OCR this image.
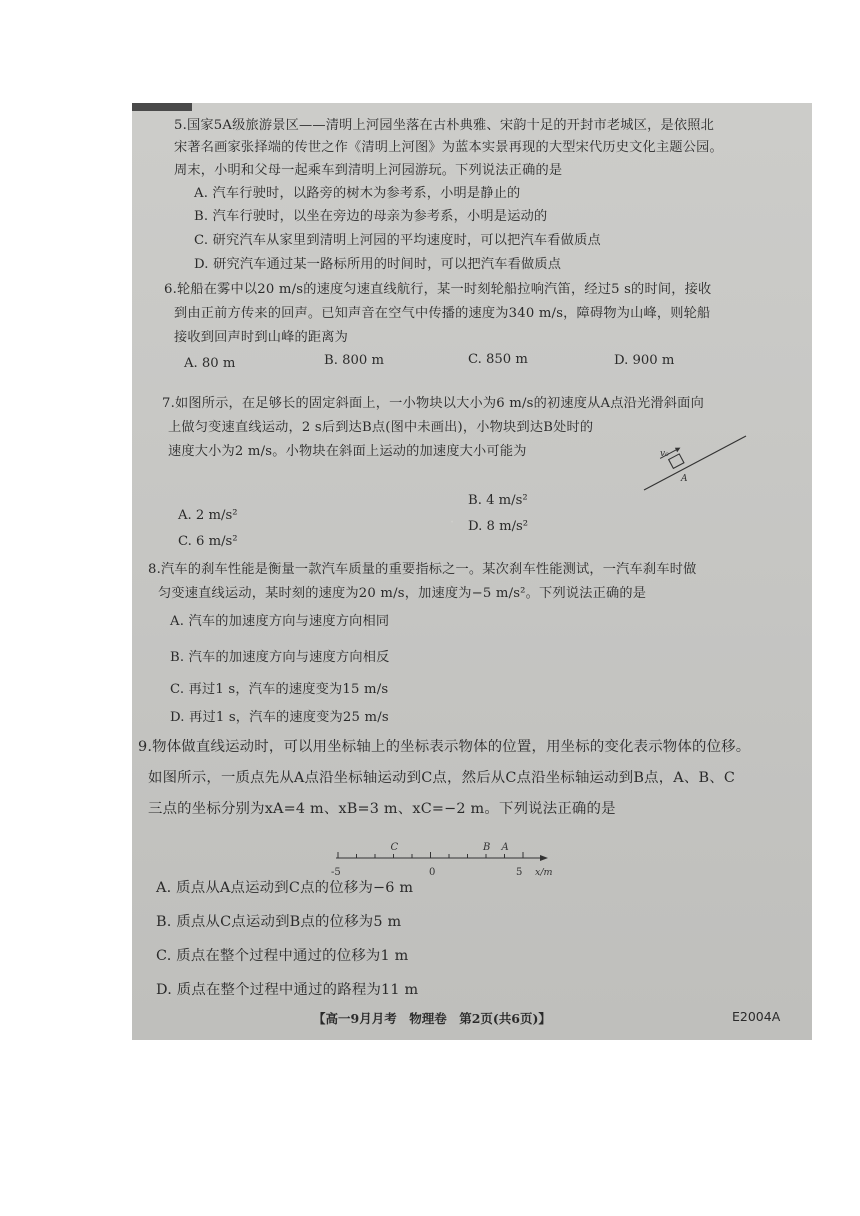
5.国家5A级旅游景区——清明上河园坐落在古朴典雅、宋韵十足的开封市老城区，是依照北
宋著名画家张择端的传世之作《清明上河图》为蓝本实景再现的大型宋代历史文化主题公园。
周末，小明和父母一起乘车到清明上河园游玩。下列说法正确的是
A. 汽车行驶时，以路旁的树木为参考系，小明是静止的
B. 汽车行驶时，以坐在旁边的母亲为参考系，小明是运动的
C. 研究汽车从家里到清明上河园的平均速度时，可以把汽车看做质点
D. 研究汽车通过某一路标所用的时间时，可以把汽车看做质点
6.轮船在雾中以20 m/s的速度匀速直线航行，某一时刻轮船拉响汽笛，经过5 s的时间，接收
到由正前方传来的回声。已知声音在空气中传播的速度为340 m/s，障碍物为山峰，则轮船
接收到回声时到山峰的距离为
A. 80 m	B. 800 m	C. 850 m	D. 900 m
7.如图所示，在足够长的固定斜面上，一小物块以大小为6 m/s的初速度从A点沿光滑斜面向
上做匀变速直线运动，2 s后到达B点(图中未画出)，小物块到达B处时的
速度大小为2 m/s。小物块在斜面上运动的加速度大小可能为
A. 2 m/s²
B. 4 m/s²
C. 6 m/s²
D. 8 m/s²
v₀
A
·
8.汽车的刹车性能是衡量一款汽车质量的重要指标之一。某次刹车性能测试，一汽车刹车时做
匀变速直线运动，某时刻的速度为20 m/s，加速度为−5 m/s²。下列说法正确的是
A. 汽车的加速度方向与速度方向相同
B. 汽车的加速度方向与速度方向相反
C. 再过1 s，汽车的速度变为15 m/s
D. 再过1 s，汽车的速度变为25 m/s
9.物体做直线运动时，可以用坐标轴上的坐标表示物体的位置，用坐标的变化表示物体的位移。
如图所示，一质点先从A点沿坐标轴运动到C点，然后从C点沿坐标轴运动到B点，A、B、C
三点的坐标分别为xA=4 m、xB=3 m、xC=−2 m。下列说法正确的是
-5	0	5 x/m
C	B A
A. 质点从A点运动到C点的位移为−6 m
B. 质点从C点运动到B点的位移为5 m
C. 质点在整个过程中通过的位移为1 m
D. 质点在整个过程中通过的路程为11 m
【高一9月月考　物理卷　第2页(共6页)】	E2004A
